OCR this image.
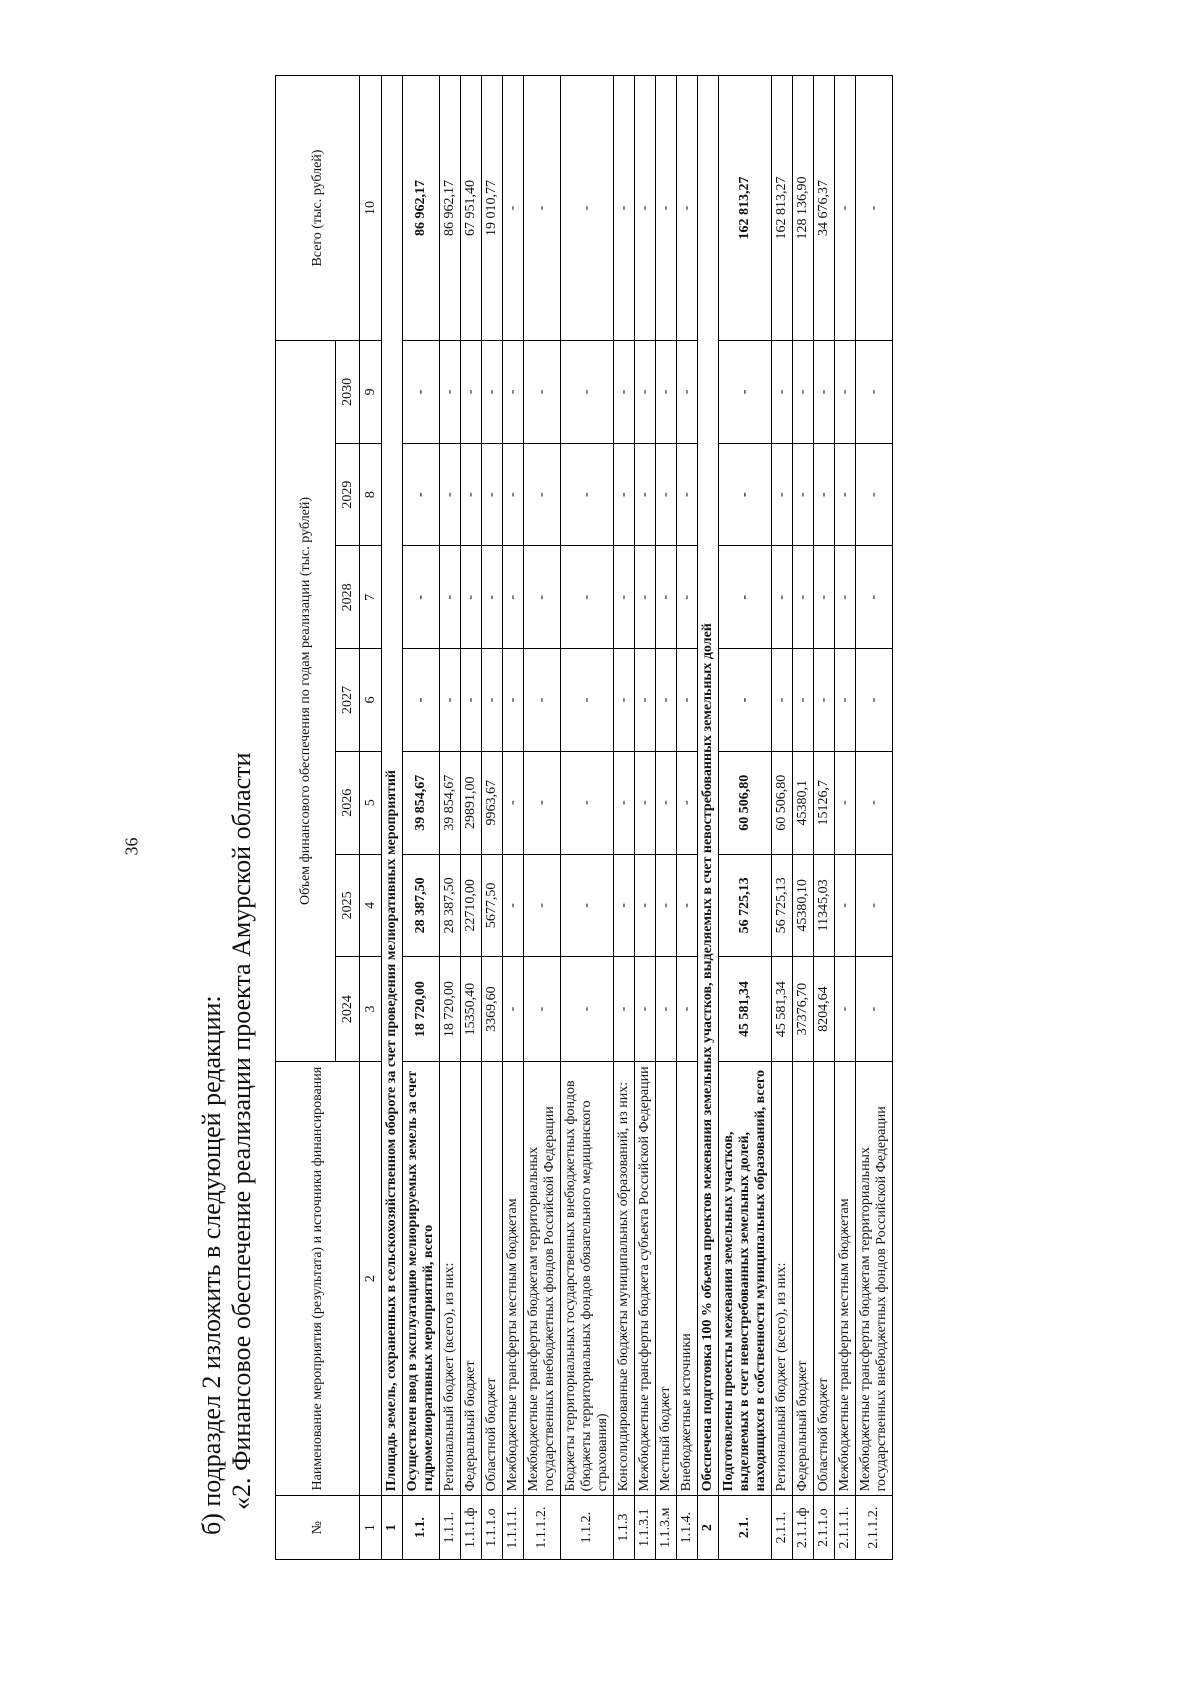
36
б) подраздел 2 изложить в следующей редакции: «2. Финансовое обеспечение реализации проекта Амурской области
№	Наименование мероприятия (результата) и источники финансирования	Объем финансового обеспечения по годам реализации (тыс. рублей)							Всего (тыс. рублей)
		2024	2025	2026	2027	2028	2029	2030	
1	2	3	4	5	6	7	8	9	10
1	Площадь земель, сохраненных в сельскохозяйственном обороте за счет проведения мелиоративных мероприятий								
1.1.	Осуществлен ввод в эксплуатацию мелиорируемых земель за счет гидромелиоративных мероприятий, всего	18 720,00	28 387,50	39 854,67	-	-	-	-	86 962,17
1.1.1.	Региональный бюджет (всего), из них:	18 720,00	28 387,50	39 854,67	-	-	-	-	86 962,17
1.1.1.ф	Федеральный бюджет	15350,40	22710,00	29891,00	-	-	-	-	67 951,40
1.1.1.о	Областной бюджет	3369,60	5677,50	9963,67	-	-	-	-	19 010,77
1.1.1.1.	Межбюджетные трансферты местным бюджетам	-	-	-	-	-	-	-	-
1.1.1.2.	Межбюджетные трансферты бюджетам территориальных государственных внебюджетных фондов Российской Федерации	-	-	-	-	-	-	-	-
1.1.2.	Бюджеты территориальных государственных внебюджетных фондов (бюджеты территориальных фондов обязательного медицинского страхования)	-	-	-	-	-	-	-	-
1.1.3	Консолидированные бюджеты муниципальных образований, из них:	-	-	-	-	-	-	-	-
1.1.3.1	Межбюджетные трансферты бюджета субъекта Российской Федерации	-	-	-	-	-	-	-	-
1.1.3.м	Местный бюджет	-	-	-	-	-	-	-	-
1.1.4.	Внебюджетные источники	-	-	-	-	-	-	-	-
2	Обеспечена подготовка 100 % объема проектов межевания земельных участков, выделяемых в счет невостребованных земельных долей								
2.1.	Подготовлены проекты межевания земельных участков, выделяемых в счет невостребованных земельных долей, находящихся в собственности муниципальных образований, всего	45 581,34	56 725,13	60 506,80	-	-	-	-	162 813,27
2.1.1.	Региональный бюджет (всего), из них:	45 581,34	56 725,13	60 506,80	-	-	-	-	162 813,27
2.1.1.ф	Федеральный бюджет	37376,70	45380,10	45380,1	-	-	-	-	128 136,90
2.1.1.о	Областной бюджет	8204,64	11345,03	15126,7	-	-	-	-	34 676,37
2.1.1.1.	Межбюджетные трансферты местным бюджетам	-	-	-	-	-	-	-	-
2.1.1.2.	Межбюджетные трансферты бюджетам территориальных государственных внебюджетных фондов Российской Федерации	-	-	-	-	-	-	-	-
